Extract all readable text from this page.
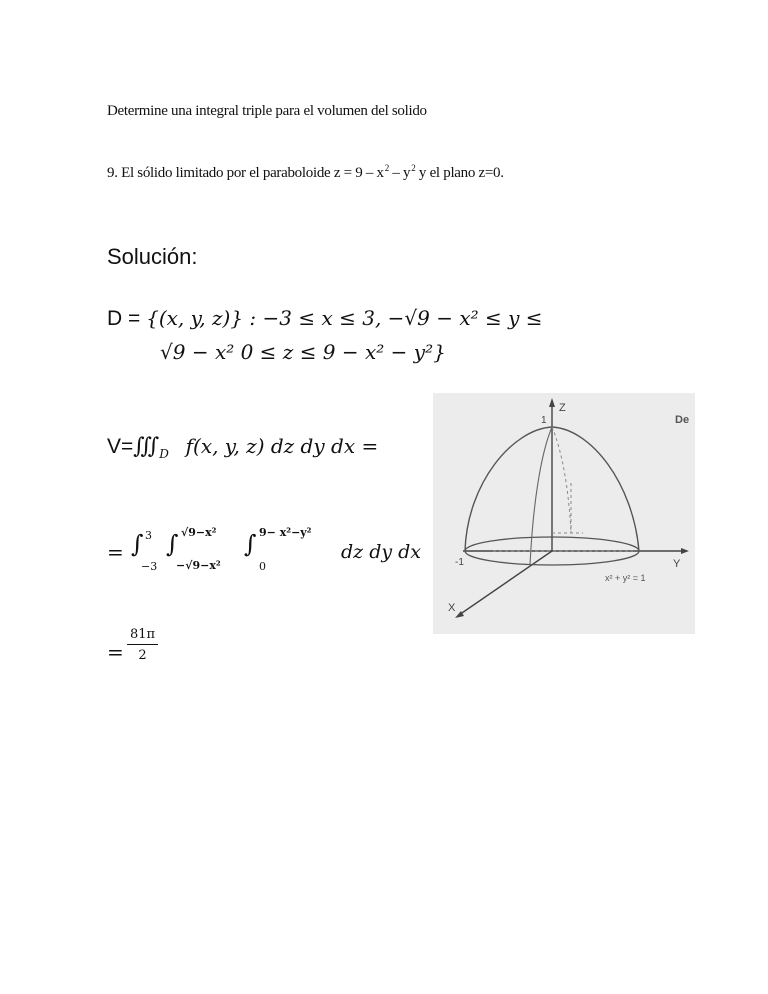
Determine una integral triple para el volumen del solido
9. El sólido limitado por el paraboloide $z = 9 - x^2 - y^2$ y el plano z=0.
Solución:
D = {(x, y, z)} : −3 ≤ x ≤ 3, −√9 − x² ≤ y ≤
√9 − x² 0 ≤ z ≤ 9 − x² − y²}
$V=∭_D$ f(x, y, z) dz dy dx =
= ∫ 3
−3
∫ √9−x²
−√9−x²
∫ 9− x²−y²
0
dz dy dx
= $\frac{81\pi}{2}$
Z
1
Y
-1
X
x² + y² = 1
De
